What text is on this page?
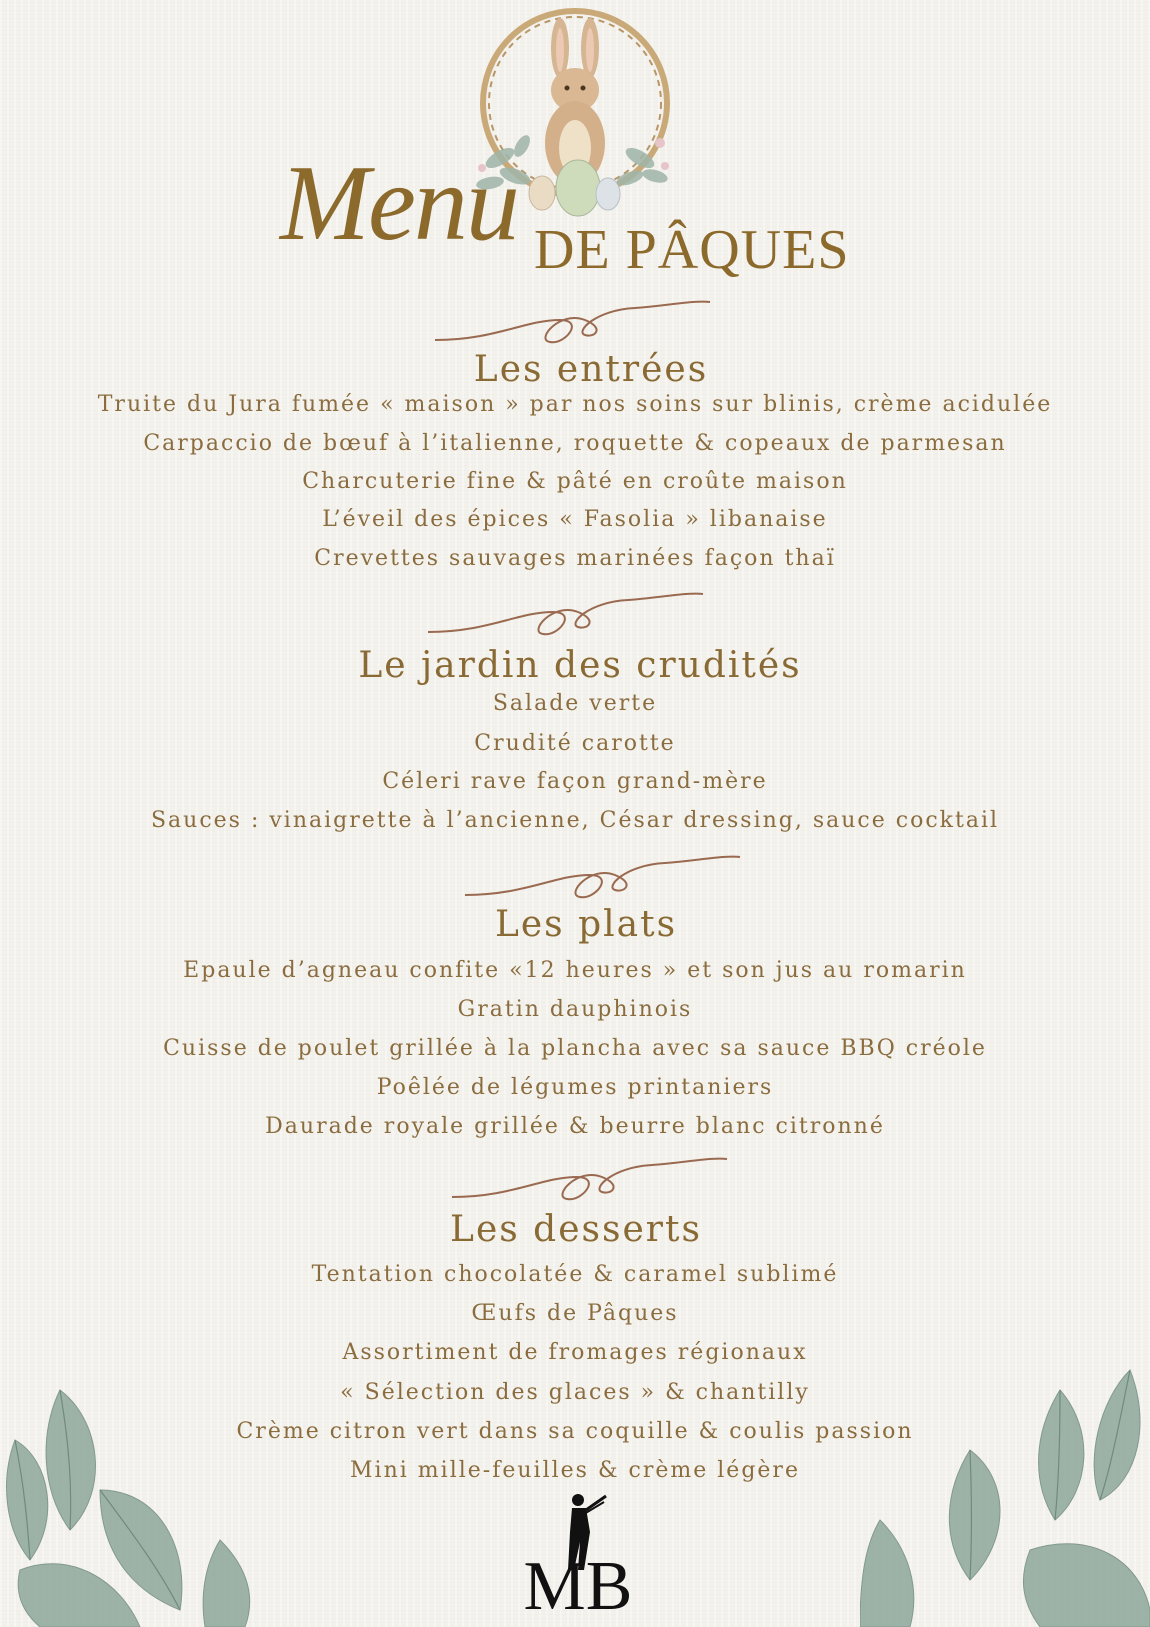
Menu DE PÂQUES
Les entrées
Truite du Jura fumée « maison » par nos soins sur blinis, crème acidulée
Carpaccio de bœuf à l’italienne, roquette & copeaux de parmesan
Charcuterie fine & pâté en croûte maison
L’éveil des épices « Fasolia » libanaise
Crevettes sauvages marinées façon thaï
Le jardin des crudités
Salade verte
Crudité carotte
Céleri rave façon grand-mère
Sauces : vinaigrette à l’ancienne, César dressing, sauce cocktail
Les plats
Epaule d’agneau confite «12 heures » et son jus au romarin
Gratin dauphinois
Cuisse de poulet grillée à la plancha avec sa sauce BBQ créole
Poêlée de légumes printaniers
Daurade royale grillée & beurre blanc citronné
Les desserts
Tentation chocolatée & caramel sublimé
Œufs de Pâques
Assortiment de fromages régionaux
« Sélection des glaces » & chantilly
Crème citron vert dans sa coquille & coulis passion
Mini mille-feuilles & crème légère
MB
